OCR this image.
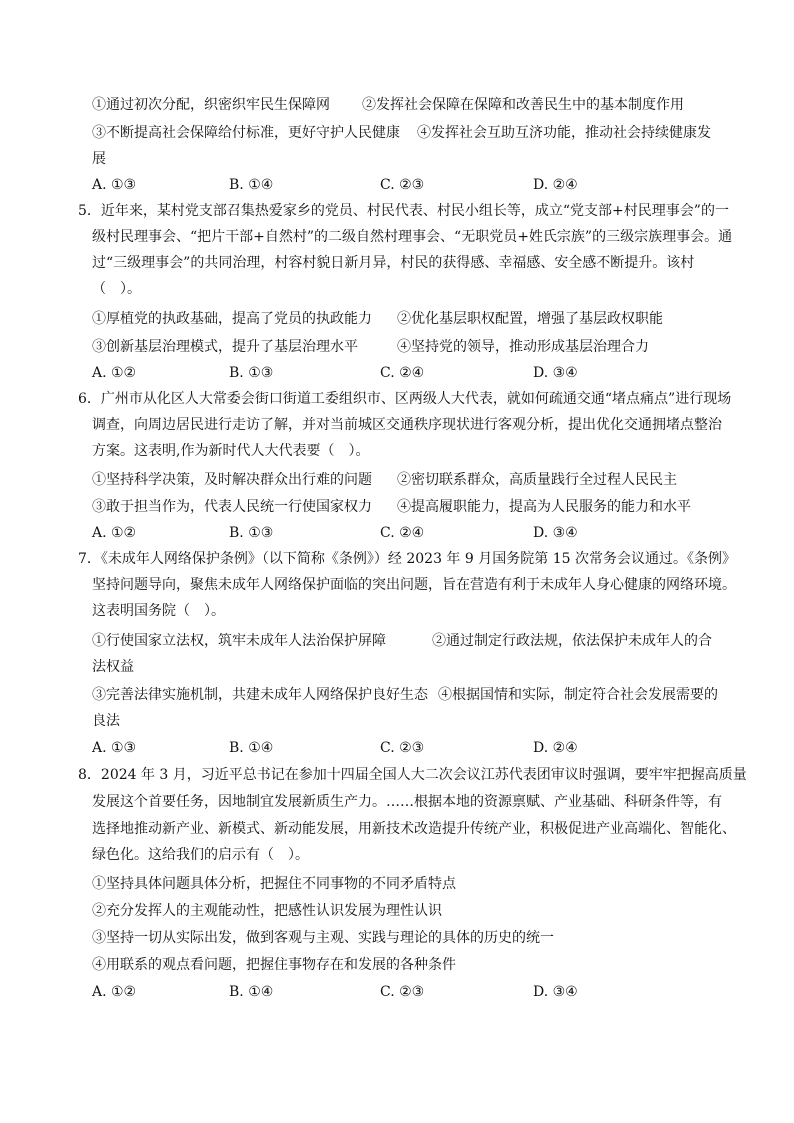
①通过初次分配，织密织牢民生保障网 ②发挥社会保障在保障和改善民生中的基本制度作用
③不断提高社会保障给付标准，更好守护人民健康 ④发挥社会互助互济功能，推动社会持续健康发
展
A. ①③	B. ①④	C. ②③	D. ②④
5．近年来，某村党支部召集热爱家乡的党员、村民代表、村民小组长等，成立“党支部+村民理事会”的一
级村民理事会、“把片干部+自然村”的二级自然村理事会、“无职党员+姓氏宗族”的三级宗族理事会。通
过“三级理事会”的共同治理，村容村貌日新月异，村民的获得感、幸福感、安全感不断提升。该村
（　）。
①厚植党的执政基础，提高了党员的执政能力 ②优化基层职权配置，增强了基层政权职能
③创新基层治理模式，提升了基层治理水平	④坚持党的领导，推动形成基层治理合力
A. ①②	B. ①③	C. ②④	D. ③④
6．广州市从化区人大常委会街口街道工委组织市、区两级人大代表，就如何疏通交通“堵点痛点”进行现场
调查，向周边居民进行走访了解，并对当前城区交通秩序现状进行客观分析，提出优化交通拥堵点整治
方案。这表明,作为新时代人大代表要（　）。
①坚持科学决策，及时解决群众出行难的问题 ②密切联系群众，高质量践行全过程人民民主
③敢于担当作为，代表人民统一行使国家权力 ④提高履职能力，提高为人民服务的能力和水平
A. ①②	B. ①③	C. ②④	D. ③④
7．《未成年人网络保护条例》（以下简称《条例》）经 2023 年 9 月国务院第 15 次常务会议通过。《条例》
坚持问题导向，聚焦未成年人网络保护面临的突出问题，旨在营造有利于未成年人身心健康的网络环境。
这表明国务院（　）。
①行使国家立法权，筑牢未成年人法治保护屏障	②通过制定行政法规，依法保护未成年人的合
法权益
③完善法律实施机制，共建未成年人网络保护良好生态 ④根据国情和实际，制定符合社会发展需要的
良法
A. ①③	B. ①④	C. ②③	D. ②④
8．2024 年 3 月，习近平总书记在参加十四届全国人大二次会议江苏代表团审议时强调，要牢牢把握高质量
发展这个首要任务，因地制宜发展新质生产力。……根据本地的资源禀赋、产业基础、科研条件等，有
选择地推动新产业、新模式、新动能发展，用新技术改造提升传统产业，积极促进产业高端化、智能化、
绿色化。这给我们的启示有（　）。
①坚持具体问题具体分析，把握住不同事物的不同矛盾特点
②充分发挥人的主观能动性，把感性认识发展为理性认识
③坚持一切从实际出发，做到客观与主观、实践与理论的具体的历史的统一
④用联系的观点看问题，把握住事物存在和发展的各种条件
A. ①②	B. ①④	C. ②③	D. ③④
